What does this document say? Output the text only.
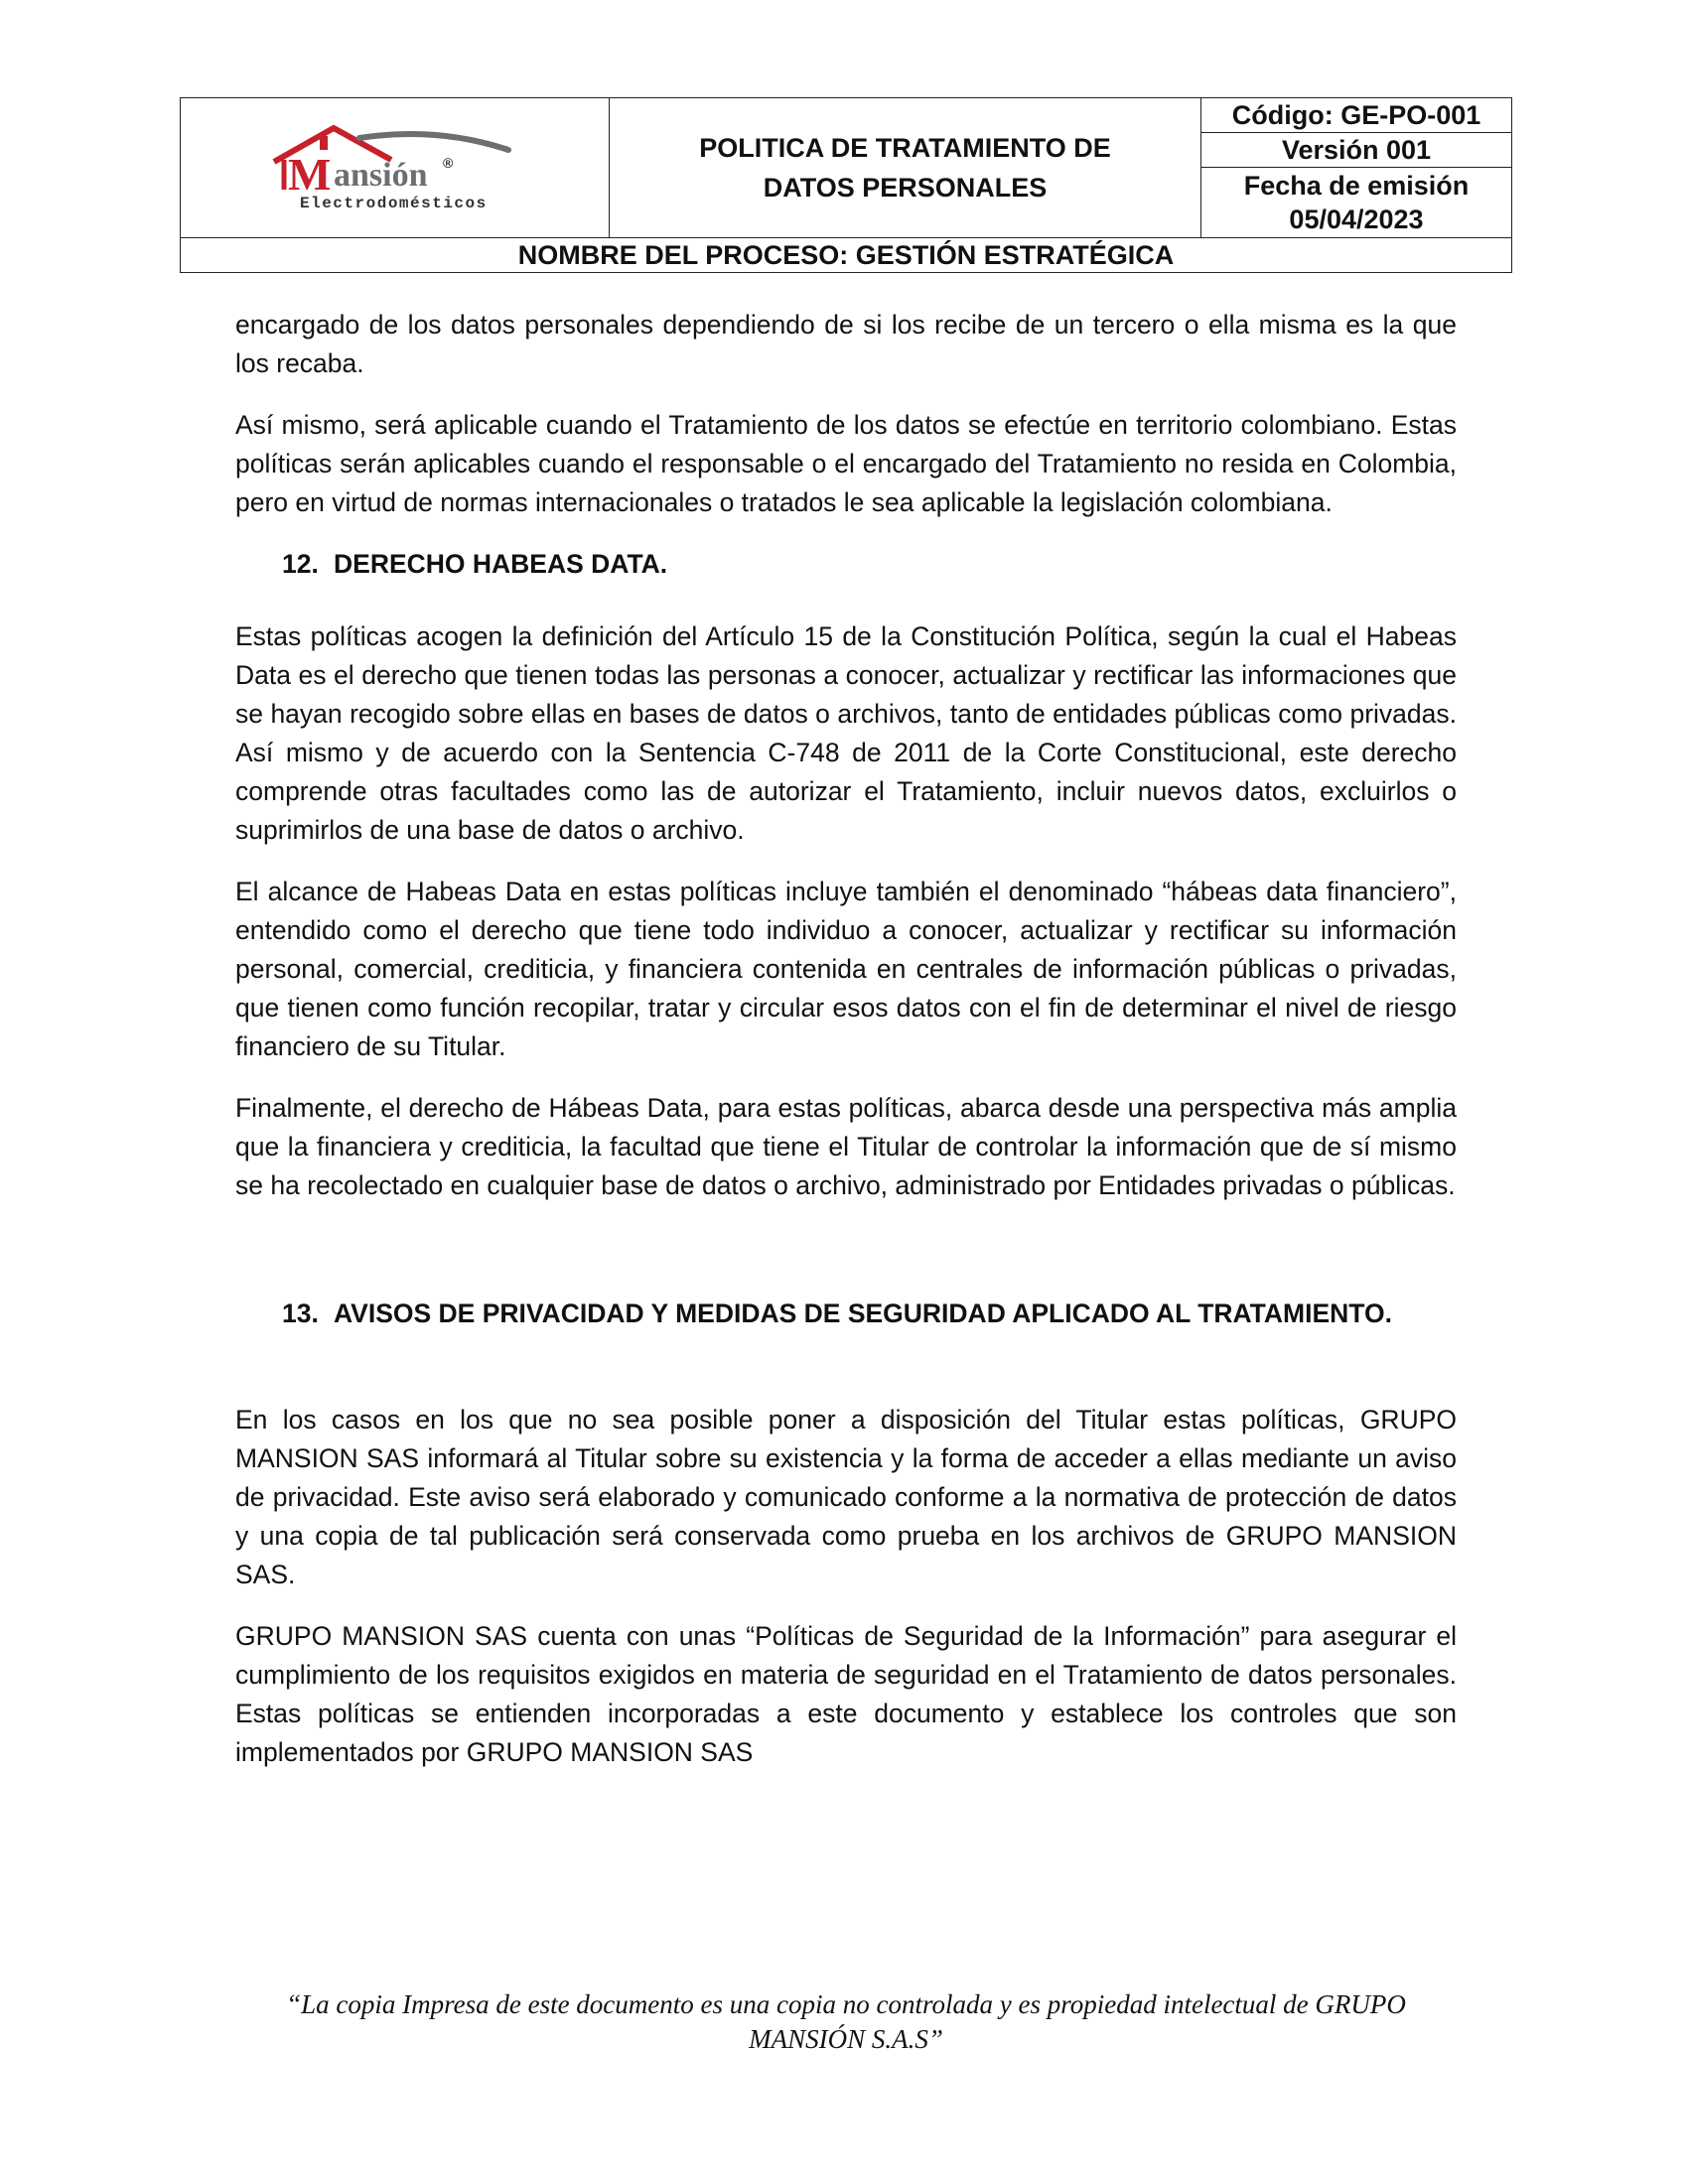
M ansión ®
Electrodomésticos
POLITICA DE TRATAMIENTO DE
DATOS PERSONALES
Código: GE-PO-001
Versión 001
Fecha de emisión
05/04/2023
NOMBRE DEL PROCESO: GESTIÓN ESTRATÉGICA

encargado de los datos personales dependiendo de si los recibe de un tercero o ella misma es la que los recaba.

Así mismo, será aplicable cuando el Tratamiento de los datos se efectúe en territorio colombiano. Estas políticas serán aplicables cuando el responsable o el encargado del Tratamiento no resida en Colombia, pero en virtud de normas internacionales o tratados le sea aplicable la legislación colombiana.

12. DERECHO HABEAS DATA.

Estas políticas acogen la definición del Artículo 15 de la Constitución Política, según la cual el Habeas Data es el derecho que tienen todas las personas a conocer, actualizar y rectificar las informaciones que se hayan recogido sobre ellas en bases de datos o archivos, tanto de entidades públicas como privadas. Así mismo y de acuerdo con la Sentencia C-748 de 2011 de la Corte Constitucional, este derecho comprende otras facultades como las de autorizar el Tratamiento, incluir nuevos datos, excluirlos o suprimirlos de una base de datos o archivo.

El alcance de Habeas Data en estas políticas incluye también el denominado “hábeas data financiero”, entendido como el derecho que tiene todo individuo a conocer, actualizar y rectificar su información personal, comercial, crediticia, y financiera contenida en centrales de información públicas o privadas, que tienen como función recopilar, tratar y circular esos datos con el fin de determinar el nivel de riesgo financiero de su Titular.

Finalmente, el derecho de Hábeas Data, para estas políticas, abarca desde una perspectiva más amplia que la financiera y crediticia, la facultad que tiene el Titular de controlar la información que de sí mismo se ha recolectado en cualquier base de datos o archivo, administrado por Entidades privadas o públicas.

13. AVISOS DE PRIVACIDAD Y MEDIDAS DE SEGURIDAD APLICADO AL TRATAMIENTO.

En los casos en los que no sea posible poner a disposición del Titular estas políticas, GRUPO MANSION SAS informará al Titular sobre su existencia y la forma de acceder a ellas mediante un aviso de privacidad. Este aviso será elaborado y comunicado conforme a la normativa de protección de datos y una copia de tal publicación será conservada como prueba en los archivos de GRUPO MANSION SAS.

GRUPO MANSION SAS cuenta con unas “Políticas de Seguridad de la Información” para asegurar el cumplimiento de los requisitos exigidos en materia de seguridad en el Tratamiento de datos personales. Estas políticas se entienden incorporadas a este documento y establece los controles que son implementados por GRUPO MANSION SAS

“La copia Impresa de este documento es una copia no controlada y es propiedad intelectual de GRUPO
MANSIÓN S.A.S”
